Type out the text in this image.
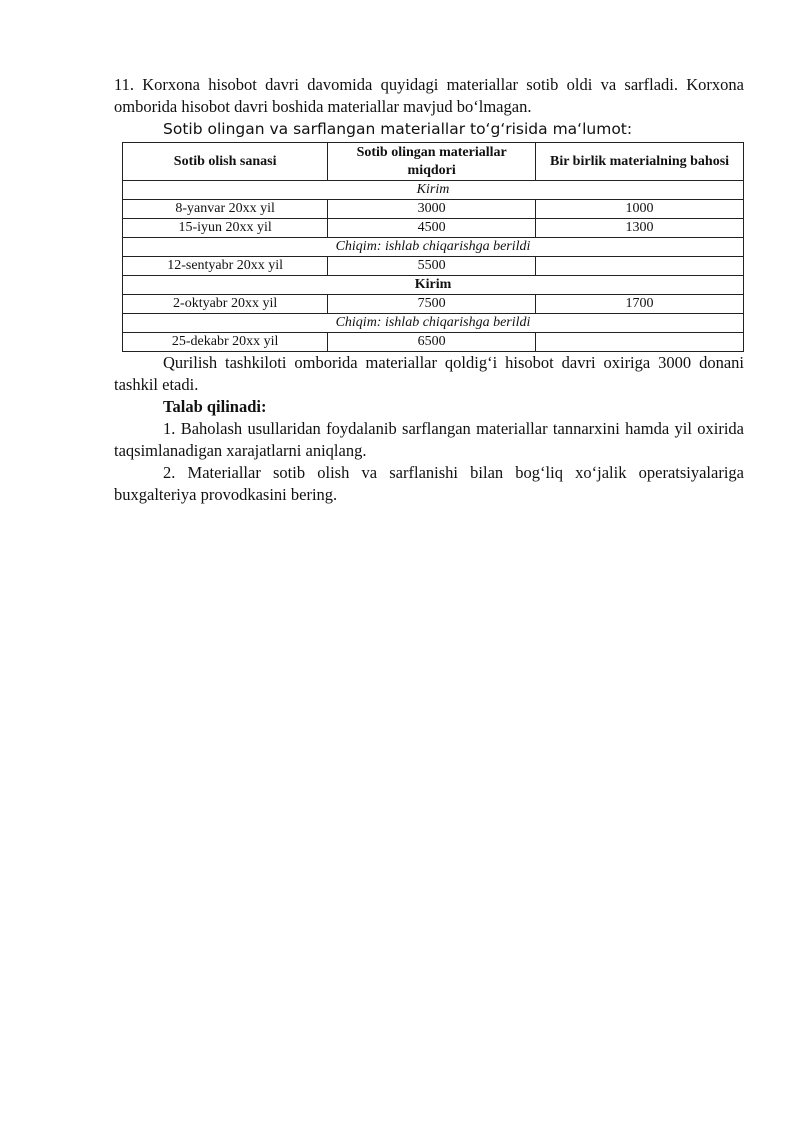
11. Korxona hisobot davri davomida quyidagi materiallar sotib oldi va sarfladi. Korxona omborida hisobot davri boshida materiallar mavjud bo‘lmagan.

Sotib olingan va sarflangan materiallar to‘g‘risida ma‘lumot:

Sotib olish sanasi	Sotib olingan materiallar miqdori	Bir birlik materialning bahosi
Kirim		
8-yanvar 20xx yil	3000	1000
15-iyun 20xx yil	4500	1300
Chiqim: ishlab chiqarishga berildi		
12-sentyabr 20xx yil	5500	
Kirim		
2-oktyabr 20xx yil	7500	1700
Chiqim: ishlab chiqarishga berildi		
25-dekabr 20xx yil	6500	

Qurilish tashkiloti omborida materiallar qoldig‘i hisobot davri oxiriga 3000 donani tashkil etadi.

Talab qilinadi:

1. Baholash usullaridan foydalanib sarflangan materiallar tannarxini hamda yil oxirida taqsimlanadigan xarajatlarni aniqlang.

2. Materiallar sotib olish va sarflanishi bilan bog‘liq xo‘jalik operatsiyalariga buxgalteriya provodkasini bering.
